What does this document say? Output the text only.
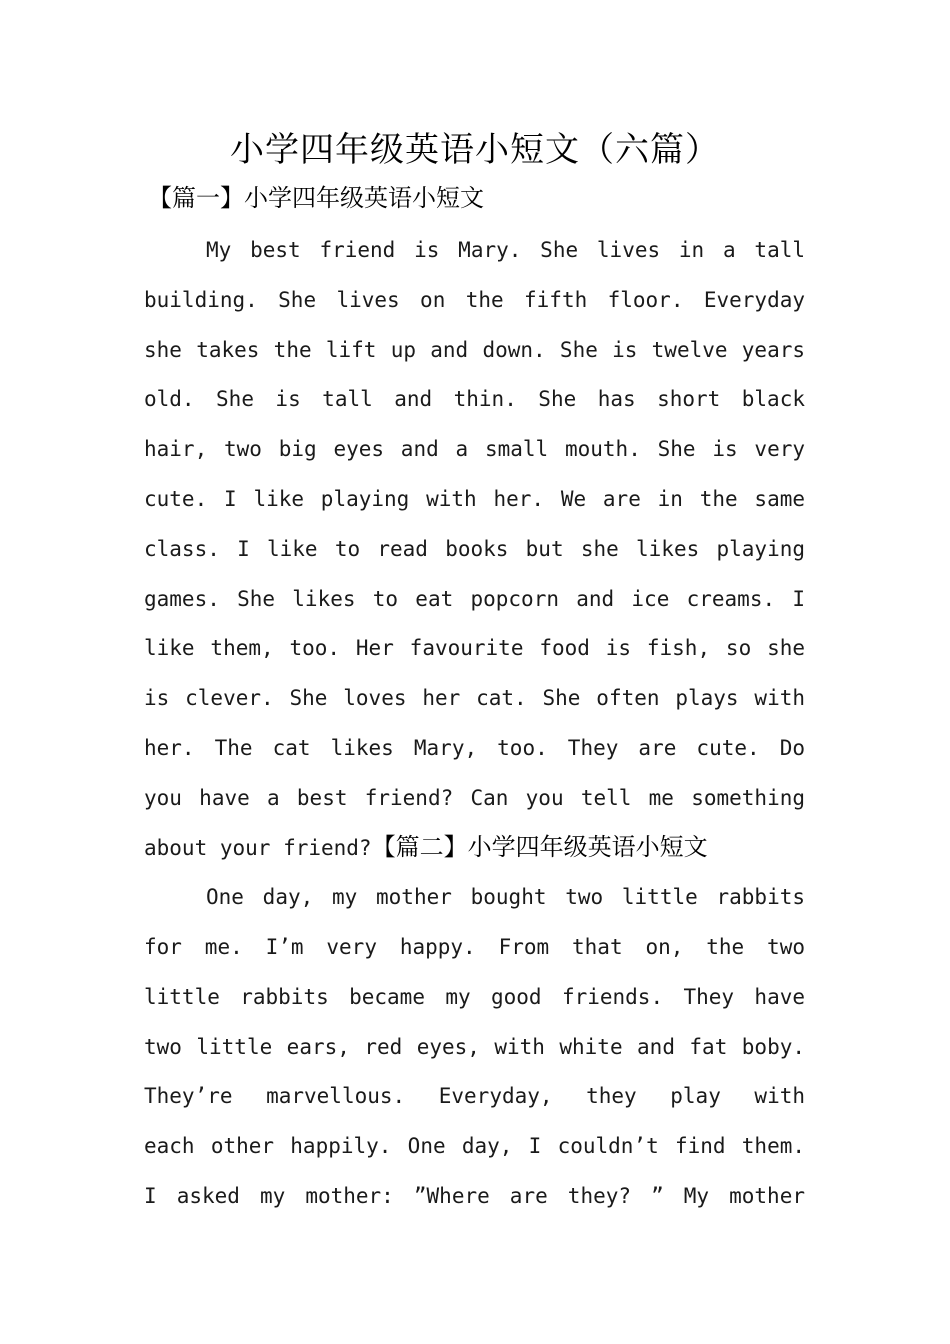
小学四年级英语小短文（六篇）
【篇一】小学四年级英语小短文
My best friend is Mary. She lives in a tall
building. She lives on the fifth floor. Everyday
she takes the lift up and down. She is twelve years
old. She is tall and thin. She has short black
hair, two big eyes and a small mouth. She is very
cute. I like playing with her. We are in the same
class. I like to read books but she likes playing
games. She likes to eat popcorn and ice creams. I
like them, too. Her favourite food is fish, so she
is clever. She loves her cat. She often plays with
her. The cat likes Mary, too. They are cute. Do
you have a best friend? Can you tell me something
about your friend?【篇二】小学四年级英语小短文
One day, my mother bought two little rabbits
for me. I’m very happy. From that on, the two
little rabbits became my good friends. They have
two little ears, red eyes, with white and fat boby.
They’re marvellous. Everyday, they play with
each other happily. One day, I couldn’t find them.
I asked my mother: ”Where are they? ” My mother
